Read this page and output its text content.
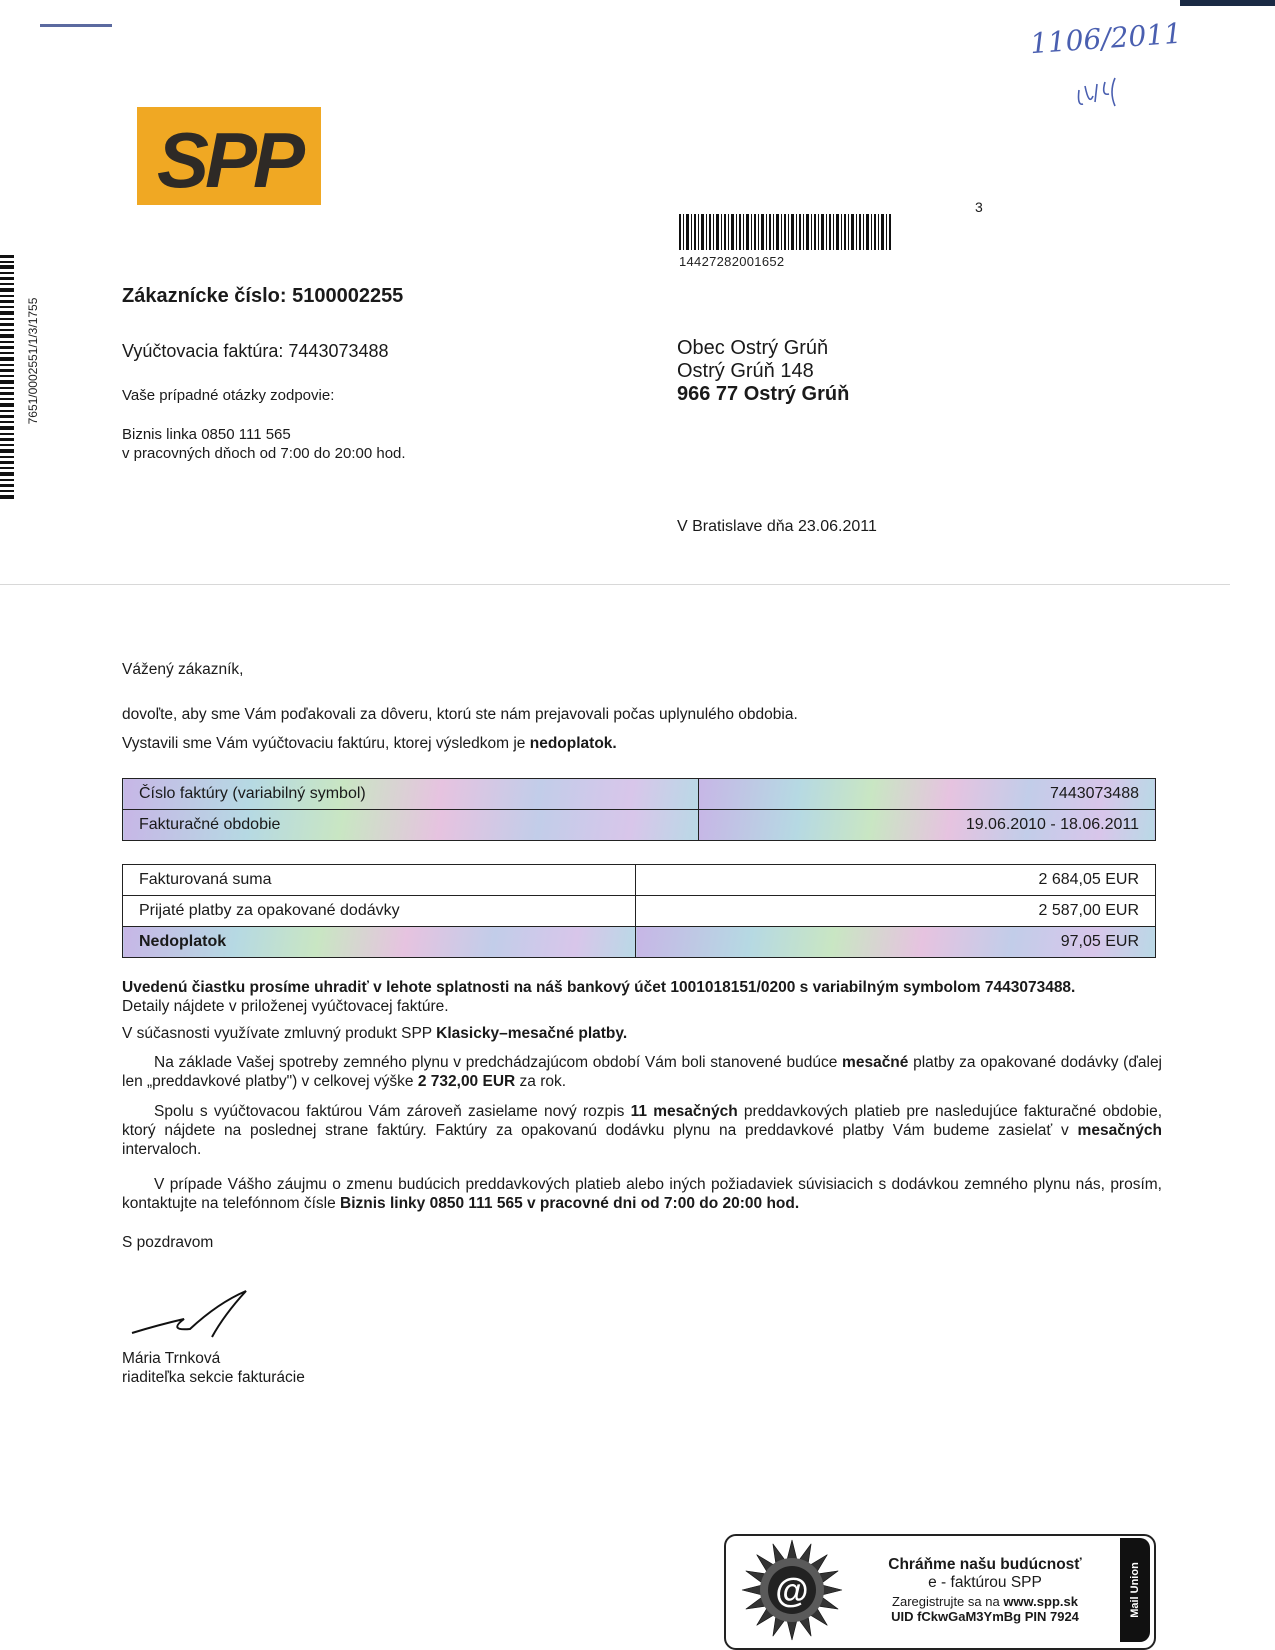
1106/2011
SPP
7651/0002551/1/3/1755
14427282001652
3
Zákaznícke číslo: 5100002255
Vyúčtovacia faktúra: 7443073488
Vaše prípadné otázky zodpovie:
Biznis linka 0850 111 565
v pracovných dňoch od 7:00 do 20:00 hod.
Obec Ostrý Grúň
Ostrý Grúň 148
966 77 Ostrý Grúň
V Bratislave dňa 23.06.2011
Vážený zákazník,
dovoľte, aby sme Vám poďakovali za dôveru, ktorú ste nám prejavovali počas uplynulého obdobia.
Vystavili sme Vám vyúčtovaciu faktúru, ktorej výsledkom je nedoplatok.
Číslo faktúry (variabilný symbol)	7443073488
Fakturačné obdobie	19.06.2010 - 18.06.2011
Fakturovaná suma	2 684,05 EUR
Prijaté platby za opakované dodávky	2 587,00 EUR
Nedoplatok	97,05 EUR
Uvedenú čiastku prosíme uhradiť v lehote splatnosti na náš bankový účet 1001018151/0200 s variabilným symbolom 7443073488.
Detaily nájdete v priloženej vyúčtovacej faktúre.
V súčasnosti využívate zmluvný produkt SPP Klasicky–mesačné platby.
Na základe Vašej spotreby zemného plynu v predchádzajúcom období Vám boli stanovené budúce mesačné platby za opakované dodávky (ďalej len „preddavkové platby") v celkovej výške 2 732,00 EUR za rok.
Spolu s vyúčtovacou faktúrou Vám zároveň zasielame nový rozpis 11 mesačných preddavkových platieb pre nasledujúce fakturačné obdobie, ktorý nájdete na poslednej strane faktúry. Faktúry za opakovanú dodávku plynu na preddavkové platby Vám budeme zasielať v mesačných intervaloch.
V prípade Vášho záujmu o zmenu budúcich preddavkových platieb alebo iných požiadaviek súvisiacich s dodávkou zemného plynu nás, prosím, kontaktujte na telefónnom čísle Biznis linky 0850 111 565 v pracovné dni od 7:00 do 20:00 hod.
S pozdravom
Mária Trnková
riaditeľka sekcie fakturácie
@
Chráňme našu budúcnosť
e - faktúrou SPP
Zaregistrujte sa na www.spp.sk
UID fCkwGaM3YmBg PIN 7924	Mail Union
